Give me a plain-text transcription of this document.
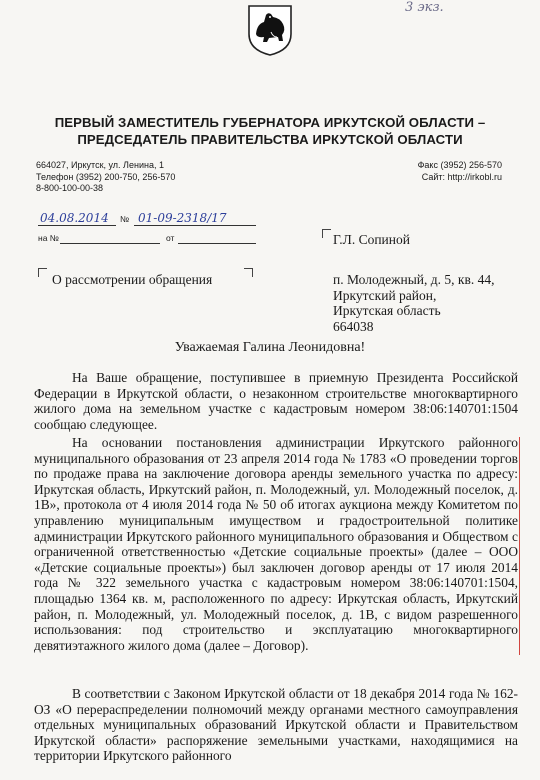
3 экз.
ПЕРВЫЙ ЗАМЕСТИТЕЛЬ ГУБЕРНАТОРА ИРКУТСКОЙ ОБЛАСТИ –
ПРЕДСЕДАТЕЛЬ ПРАВИТЕЛЬСТВА ИРКУТСКОЙ ОБЛАСТИ
664027, Иркутск, ул. Ленина, 1
Телефон (3952) 200-750, 256-570
8-800-100-00-38
Факс (3952) 256-570
Сайт: http://irkobl.ru
04.08.2014 № 01-09-2318/17
на №	от	Г.Л. Сопиной
О рассмотрении обращения	п. Молодежный, д. 5, кв. 44,
Иркутский район,
Иркутская область
664038
Уважаемая Галина Леонидовна!

На Ваше обращение, поступившее в приемную Президента Российской Федерации в Иркутской области, о незаконном строительстве многоквартирного жилого дома на земельном участке с кадастровым номером 38:06:140701:1504 сообщаю следующее.

На основании постановления администрации Иркутского районного муниципального образования от 23 апреля 2014 года № 1783 «О проведении торгов по продаже права на заключение договора аренды земельного участка по адресу: Иркутская область, Иркутский район, п. Молодежный, ул. Молодежный поселок, д. 1В», протокола от 4 июля 2014 года № 50 об итогах аукциона между Комитетом по управлению муниципальным имуществом и градостроительной политике администрации Иркутского районного муниципального образования и Обществом с ограниченной ответственностью «Детские социальные проекты» (далее – ООО «Детские социальные проекты») был заключен договор аренды от 17 июля 2014 года № 322 земельного участка с кадастровым номером 38:06:140701:1504, площадью 1364 кв. м, расположенного по адресу: Иркутская область, Иркутский район, п. Молодежный, ул. Молодежный поселок, д. 1В, с видом разрешенного использования: под строительство и эксплуатацию многоквартирного девятиэтажного жилого дома (далее – Договор).

В соответствии с Законом Иркутской области от 18 декабря 2014 года № 162-ОЗ «О перераспределении полномочий между органами местного самоуправления отдельных муниципальных образований Иркутской области и Правительством Иркутской области» распоряжение земельными участками, находящимися на территории Иркутского районного
